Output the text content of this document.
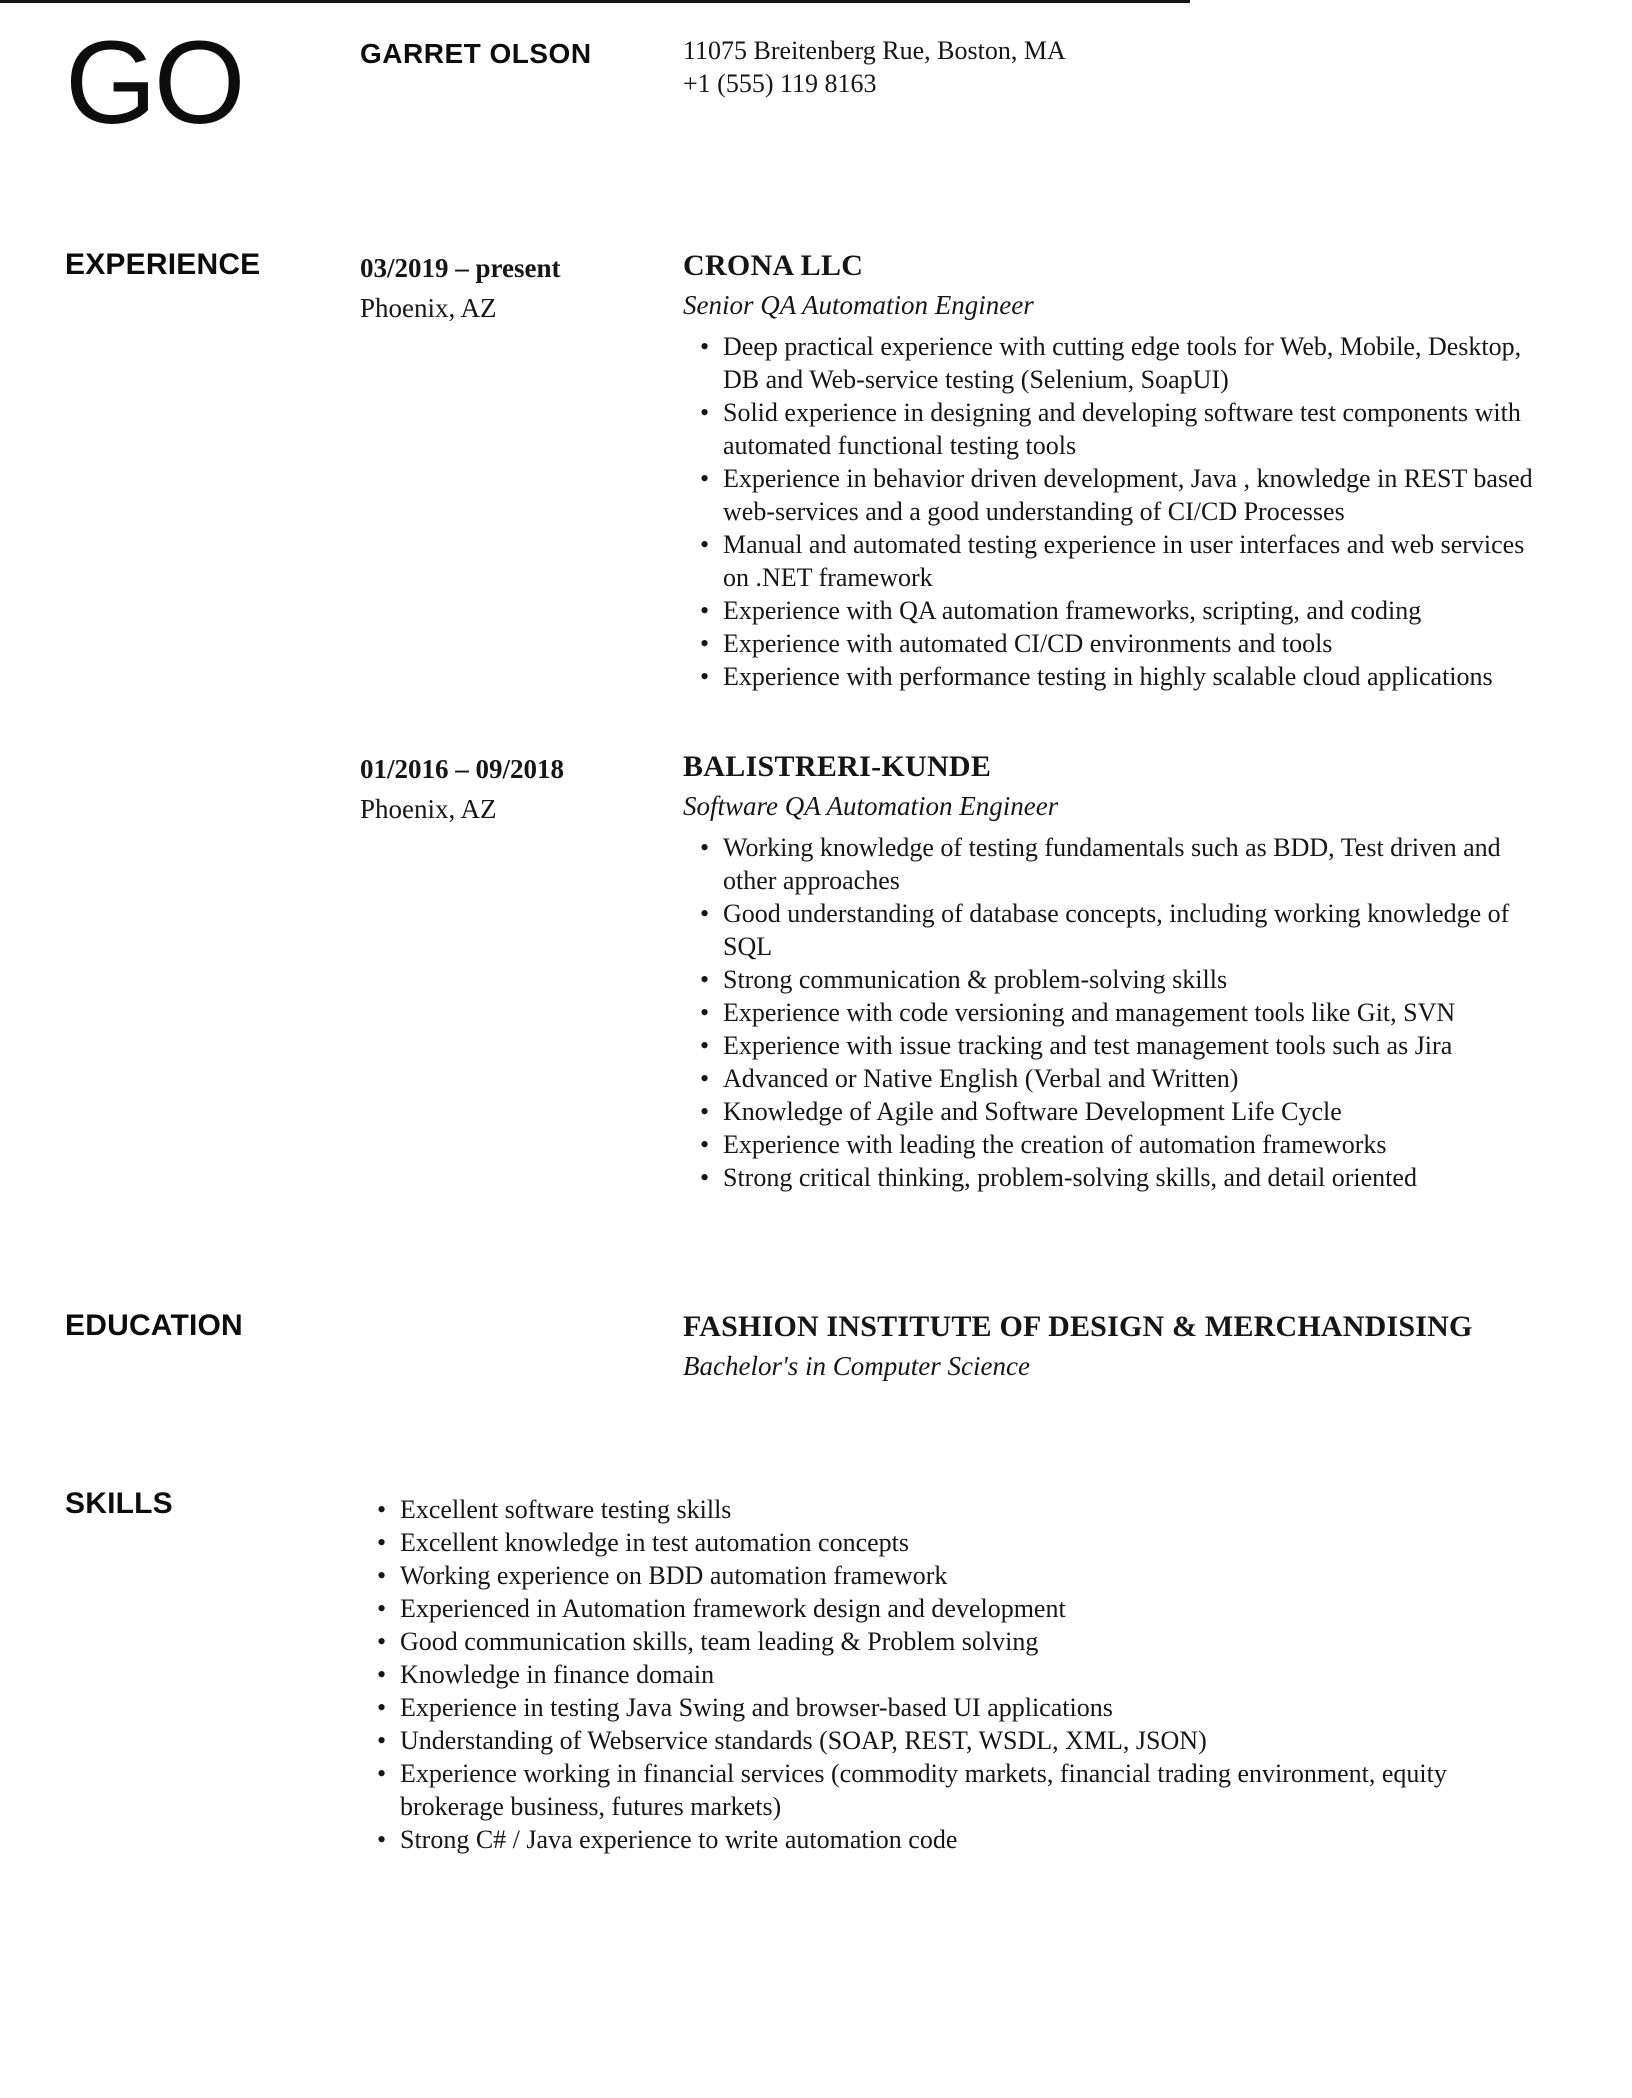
GO	GARRET OLSON	11075 Breitenberg Rue, Boston, MA
+1 (555) 119 8163
EXPERIENCE	03/2019 – present
Phoenix, AZ
CRONA LLC
Senior QA Automation Engineer
• Deep practical experience with cutting edge tools for Web, Mobile, Desktop, DB and Web-service testing (Selenium, SoapUI)
• Solid experience in designing and developing software test components with automated functional testing tools
• Experience in behavior driven development, Java , knowledge in REST based web-services and a good understanding of CI/CD Processes
• Manual and automated testing experience in user interfaces and web services on .NET framework
• Experience with QA automation frameworks, scripting, and coding
• Experience with automated CI/CD environments and tools
• Experience with performance testing in highly scalable cloud applications
01/2016 – 09/2018
Phoenix, AZ
BALISTRERI-KUNDE
Software QA Automation Engineer
• Working knowledge of testing fundamentals such as BDD, Test driven and other approaches
• Good understanding of database concepts, including working knowledge of SQL
• Strong communication & problem-solving skills
• Experience with code versioning and management tools like Git, SVN
• Experience with issue tracking and test management tools such as Jira
• Advanced or Native English (Verbal and Written)
• Knowledge of Agile and Software Development Life Cycle
• Experience with leading the creation of automation frameworks
• Strong critical thinking, problem-solving skills, and detail oriented
EDUCATION	FASHION INSTITUTE OF DESIGN & MERCHANDISING
Bachelor's in Computer Science
SKILLS	• Excellent software testing skills
• Excellent knowledge in test automation concepts
• Working experience on BDD automation framework
• Experienced in Automation framework design and development
• Good communication skills, team leading & Problem solving
• Knowledge in finance domain
• Experience in testing Java Swing and browser-based UI applications
• Understanding of Webservice standards (SOAP, REST, WSDL, XML, JSON)
• Experience working in financial services (commodity markets, financial trading environment, equity brokerage business, futures markets)
• Strong C# / Java experience to write automation code
